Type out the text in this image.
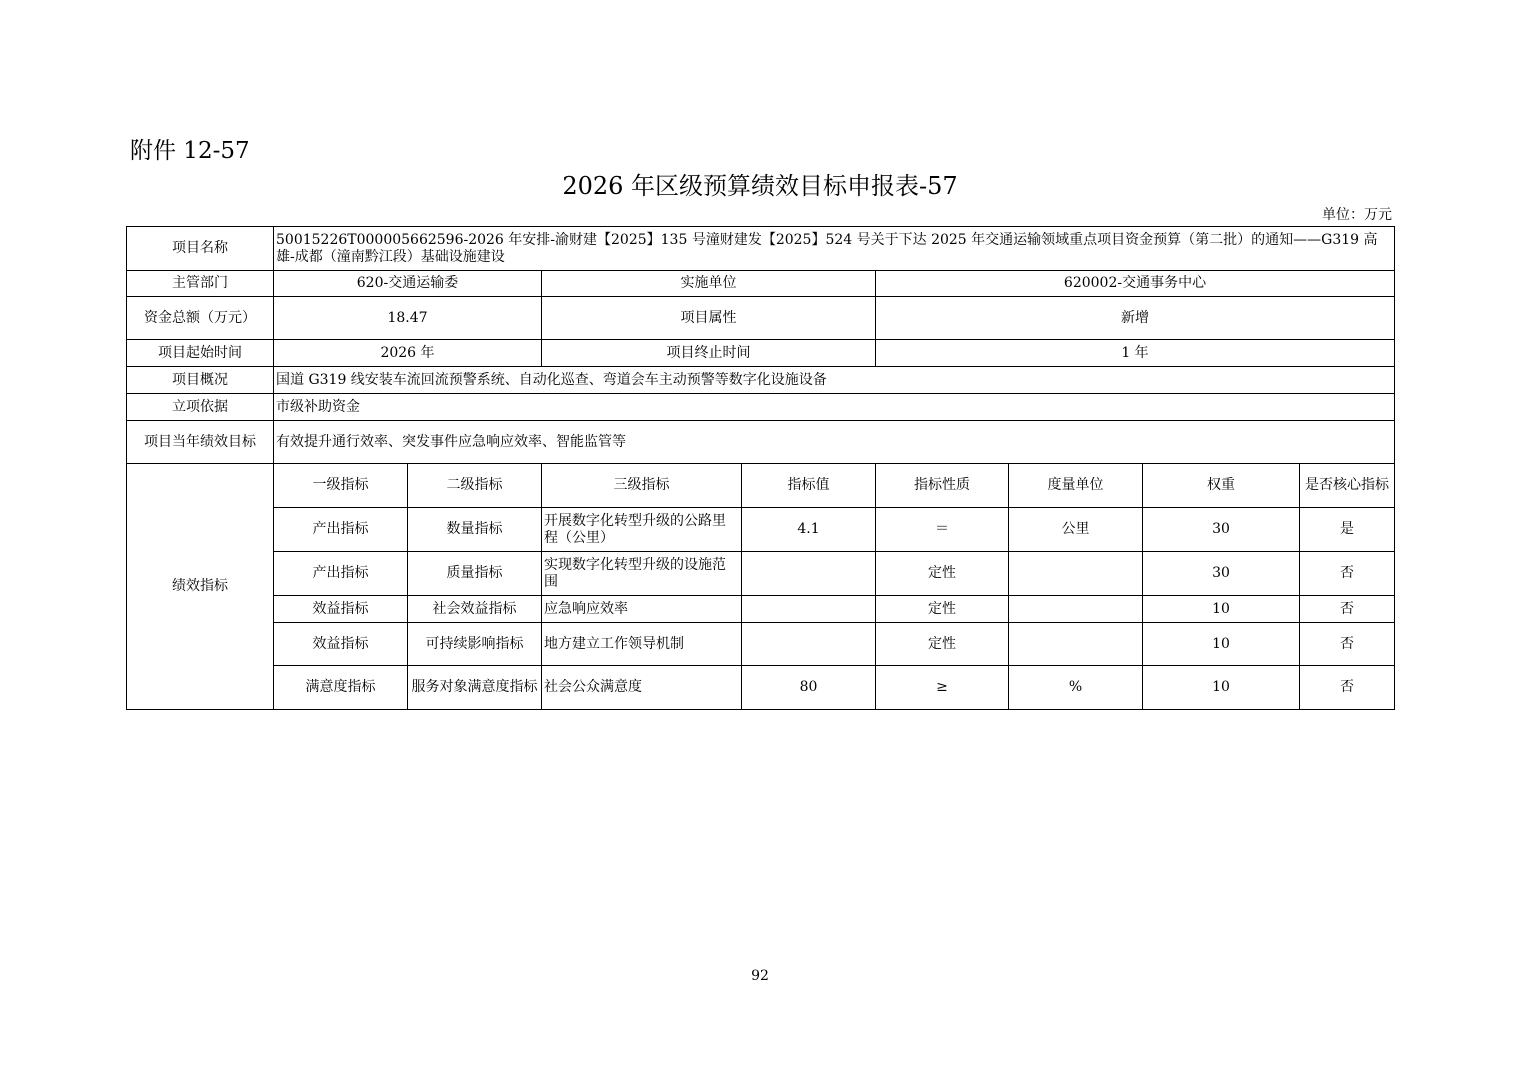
附件 12-57
2026 年区级预算绩效目标申报表-57
单位：万元
项目名称	50015226T000005662596-2026 年安排-渝财建【2025】135 号潼财建发【2025】524 号关于下达 2025 年交通运输领域重点项目资金预算（第二批）的通知——G319 高雄-成都（潼南黔江段）基础设施建设							
主管部门	620-交通运输委		实施单位		620002-交通事务中心			
资金总额（万元）	18.47		项目属性		新增			
项目起始时间	2026 年		项目终止时间		1 年			
项目概况	国道 G319 线安装车流回流预警系统、自动化巡查、弯道会车主动预警等数字化设施设备							
立项依据	市级补助资金							
项目当年绩效目标	有效提升通行效率、突发事件应急响应效率、智能监管等							
绩效指标	一级指标	二级指标	三级指标	指标值	指标性质	度量单位	权重	是否核心指标
	产出指标	数量指标	开展数字化转型升级的公路里程（公里）	4.1	＝	公里	30	是
	产出指标	质量指标	实现数字化转型升级的设施范围		定性		30	否
	效益指标	社会效益指标	应急响应效率		定性		10	否
	效益指标	可持续影响指标	地方建立工作领导机制		定性		10	否
	满意度指标	服务对象满意度指标	社会公众满意度	80	≥	%	10	否
92
